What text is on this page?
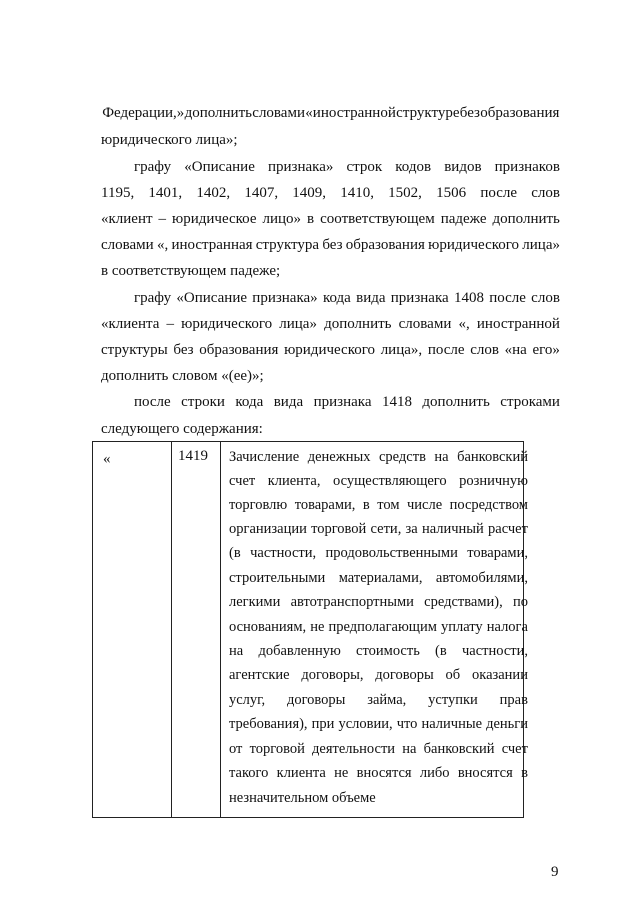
Федерации,» дополнить словами «иностранной структуре без образования
юридического лица»;
графу «Описание признака» строк кодов видов признаков
1195, 1401, 1402, 1407, 1409, 1410, 1502, 1506 после слов
«клиент – юридическое лицо» в соответствующем падеже дополнить
словами «, иностранная структура без образования юридического лица»
в соответствующем падеже;
графу «Описание признака» кода вида признака 1408 после слов
«клиента – юридического лица» дополнить словами «, иностранной
структуры без образования юридического лица», после слов «на его»
дополнить словом «(ее)»;
после строки кода вида признака 1418 дополнить строками
следующего содержания:

«	1419 Зачисление денежных средств на банковский
счет клиента, осуществляющего розничную
торговлю товарами, в том числе посредством
организации торговой сети, за наличный расчет
(в частности, продовольственными товарами,
строительными материалами, автомобилями,
легкими автотранспортными средствами), по
основаниям, не предполагающим уплату налога
на добавленную стоимость (в частности,
агентские договоры, договоры об оказании
услуг, договоры займа, уступки прав
требования), при условии, что наличные деньги
от торговой деятельности на банковский счет
такого клиента не вносятся либо вносятся в
незначительном объеме
9
